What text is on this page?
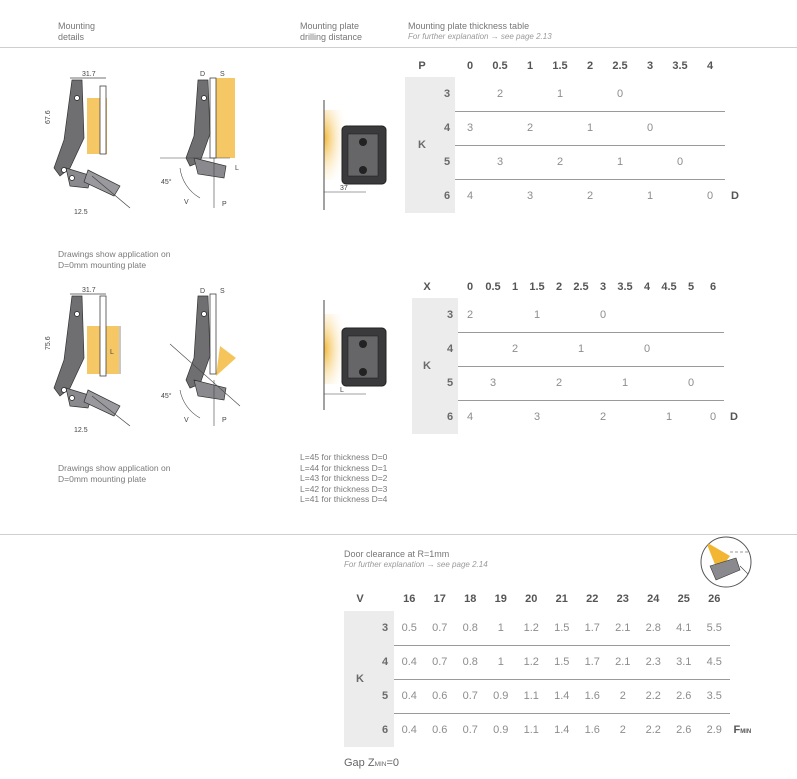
Mounting
details
Mounting plate
drilling distance
Mounting plate thickness table
For further explanation → see page 2.13
31.7
67.6
12.5
D S
45°
V	P
L
37
P		0	0.5	1	1.5	2	2.5	3	3.5	4	
K	3		2		1		0				
	4	3		2		1		0			
	5		3		2		1		0		
	6	4		3		2		1		0	D
Drawings show application on
D=0mm mounting plate
31.7
75.6
L
12.5
D S
45°
V	P
L
X		0	0.5	1	1.5	2	2.5	3	3.5	4	4.5	5	6	
K	3	2			1			0						
	4			2			1			0				
	5		3			2			1			0		
	6	4			3			2			1		0	D
Drawings show application on
D=0mm mounting plate
L=45 for thickness D=0
L=44 for thickness D=1
L=43 for thickness D=2
L=42 for thickness D=3
L=41 for thickness D=4
Door clearance at R=1mm
For further explanation → see page 2.14
V		16	17	18	19	20	21	22	23	24	25	26	
K	3	0.5	0.7	0.8	1	1.2	1.5	1.7	2.1	2.8	4.1	5.5	
	4	0.4	0.7	0.8	1	1.2	1.5	1.7	2.1	2.3	3.1	4.5	
	5	0.4	0.6	0.7	0.9	1.1	1.4	1.6	2	2.2	2.6	3.5	
	6	0.4	0.6	0.7	0.9	1.1	1.4	1.6	2	2.2	2.6	2.9	FMIN
Gap ZMIN=0
